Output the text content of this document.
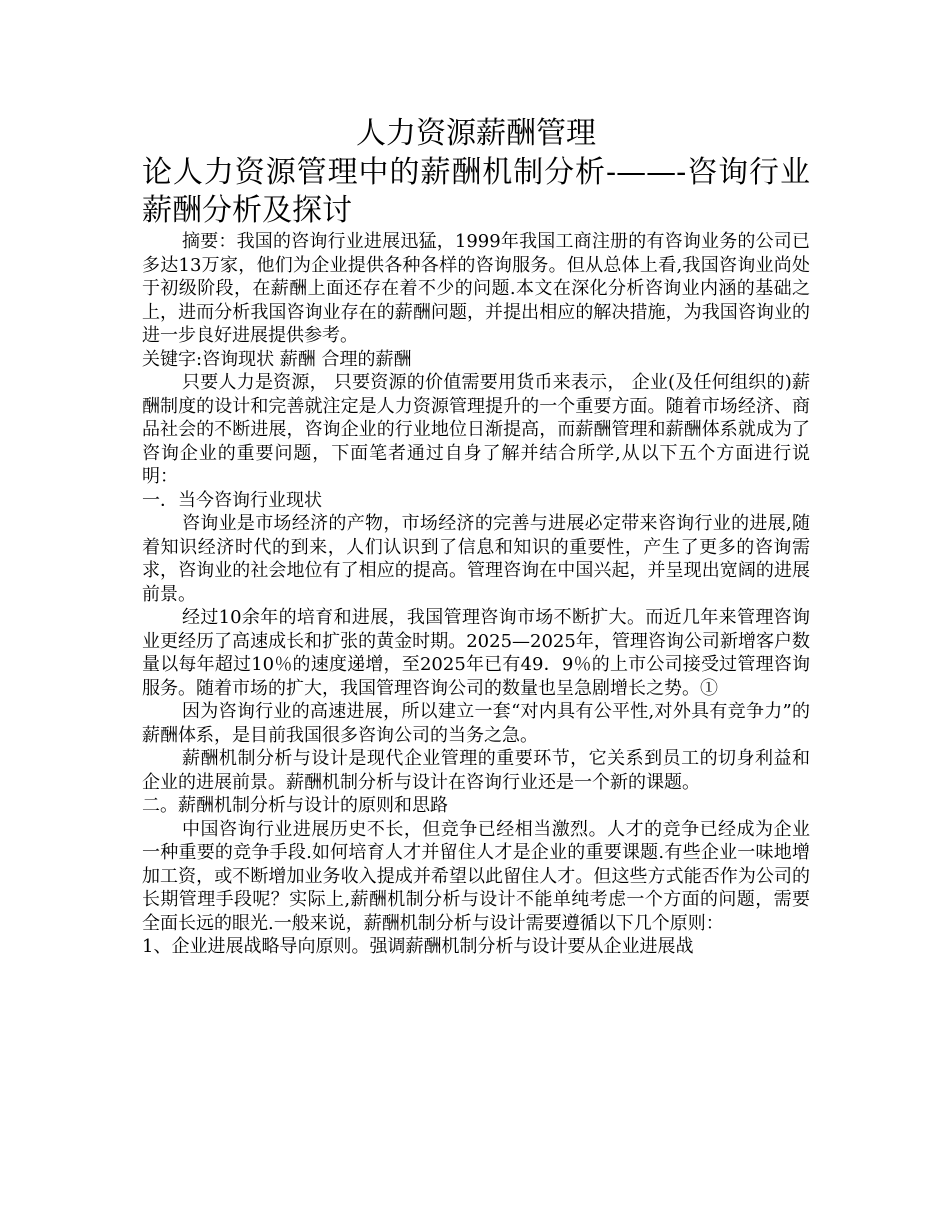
人力资源薪酬管理
论人力资源管理中的薪酬机制分析-——-咨询行业薪酬分析及探讨

摘要：我国的咨询行业进展迅猛，1999年我国工商注册的有咨询业务的公司已多达13万家，他们为企业提供各种各样的咨询服务。但从总体上看,我国咨询业尚处于初级阶段，在薪酬上面还存在着不少的问题.本文在深化分析咨询业内涵的基础之上，进而分析我国咨询业存在的薪酬问题，并提出相应的解决措施，为我国咨询业的进一步良好进展提供参考。

关键字:咨询现状 薪酬 合理的薪酬

只要人力是资源， 只要资源的价值需要用货币来表示， 企业(及任何组织的)薪酬制度的设计和完善就注定是人力资源管理提升的一个重要方面。随着市场经济、商品社会的不断进展，咨询企业的行业地位日渐提高，而薪酬管理和薪酬体系就成为了咨询企业的重要问题，下面笔者通过自身了解并结合所学,从以下五个方面进行说明：

一．当今咨询行业现状

咨询业是市场经济的产物，市场经济的完善与进展必定带来咨询行业的进展,随着知识经济时代的到来，人们认识到了信息和知识的重要性，产生了更多的咨询需求，咨询业的社会地位有了相应的提高。管理咨询在中国兴起，并呈现出宽阔的进展前景。

经过10余年的培育和进展，我国管理咨询市场不断扩大。而近几年来管理咨询业更经历了高速成长和扩张的黄金时期。2025—2025年，管理咨询公司新增客户数量以每年超过10％的速度递增，至2025年已有49．9％的上市公司接受过管理咨询服务。随着市场的扩大，我国管理咨询公司的数量也呈急剧增长之势。①

因为咨询行业的高速进展，所以建立一套“对内具有公平性,对外具有竞争力”的薪酬体系，是目前我国很多咨询公司的当务之急。

薪酬机制分析与设计是现代企业管理的重要环节，它关系到员工的切身利益和企业的进展前景。薪酬机制分析与设计在咨询行业还是一个新的课题。

二。薪酬机制分析与设计的原则和思路

中国咨询行业进展历史不长，但竞争已经相当激烈。人才的竞争已经成为企业一种重要的竞争手段.如何培育人才并留住人才是企业的重要课题.有些企业一味地增加工资，或不断增加业务收入提成并希望以此留住人才。但这些方式能否作为公司的长期管理手段呢？实际上,薪酬机制分析与设计不能单纯考虑一个方面的问题，需要全面长远的眼光.一般来说，薪酬机制分析与设计需要遵循以下几个原则：

1、企业进展战略导向原则。强调薪酬机制分析与设计要从企业进展战
